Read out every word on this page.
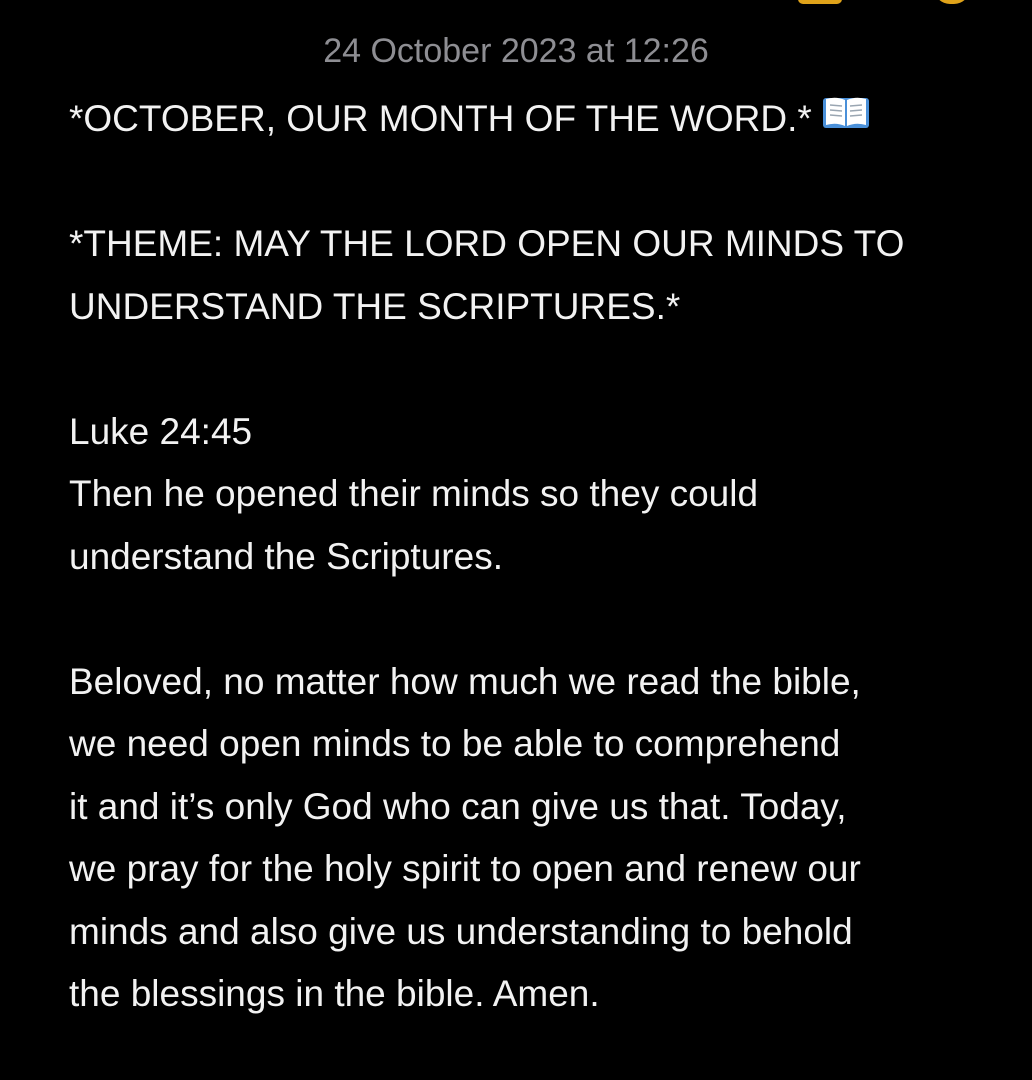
24 October 2023 at 12:26
*OCTOBER, OUR MONTH OF THE WORD.*
*THEME: MAY THE LORD OPEN OUR MINDS TO
UNDERSTAND THE SCRIPTURES.*
Luke 24:45
Then he opened their minds so they could
understand the Scriptures.
Beloved, no matter how much we read the bible,
we need open minds to be able to comprehend
it and it’s only God who can give us that. Today,
we pray for the holy spirit to open and renew our
minds and also give us understanding to behold
the blessings in the bible. Amen.
